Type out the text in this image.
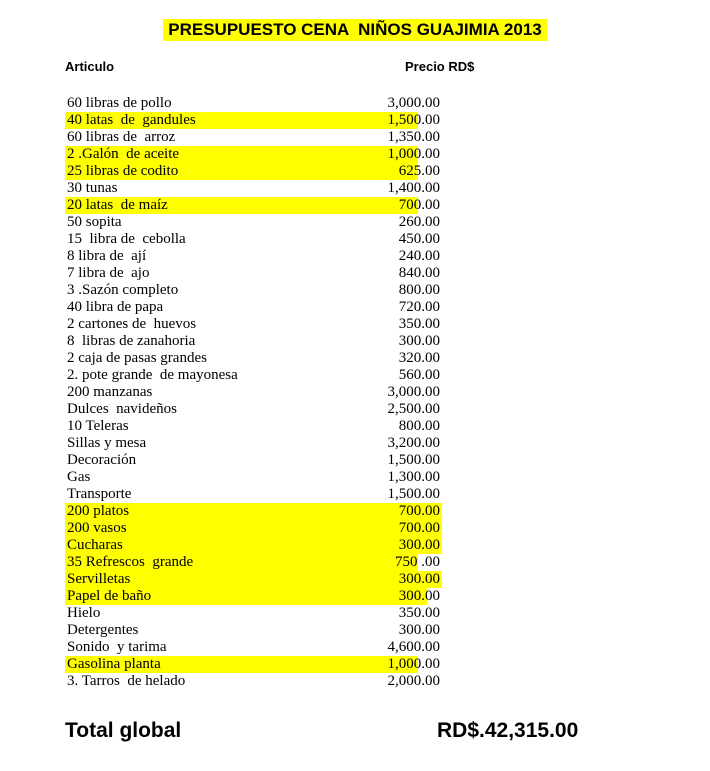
PRESUPUESTO CENA  NIÑOS GUAJIMIA 2013
Articulo	Precio RD$
60 libras de pollo	3,000.00
40 latas  de  gandules	1,500.00
60 libras de  arroz	1,350.00
2 .Galón  de aceite	1,000.00
25 libras de codito	625.00
30 tunas	1,400.00
20 latas  de maíz	700.00
50 sopita	260.00
15  libra de  cebolla	450.00
8 libra de  ají	240.00
7 libra de  ajo	840.00
3 .Sazón completo	800.00
40 libra de papa	720.00
2 cartones de  huevos	350.00
8  libras de zanahoria	300.00
2 caja de pasas grandes	320.00
2. pote grande  de mayonesa	560.00
200 manzanas	3,000.00
Dulces  navideños	2,500.00
10 Teleras	800.00
Sillas y mesa	3,200.00
Decoración	1,500.00
Gas	1,300.00
Transporte	1,500.00
200 platos	700.00
200 vasos	700.00
Cucharas	300.00
35 Refrescos  grande	750 .00
Servilletas	300.00
Papel de baño	300.00
Hielo	350.00
Detergentes	300.00
Sonido  y tarima	4,600.00
Gasolina planta	1,000.00
3. Tarros  de helado	2,000.00
Total global	RD$.42,315.00
